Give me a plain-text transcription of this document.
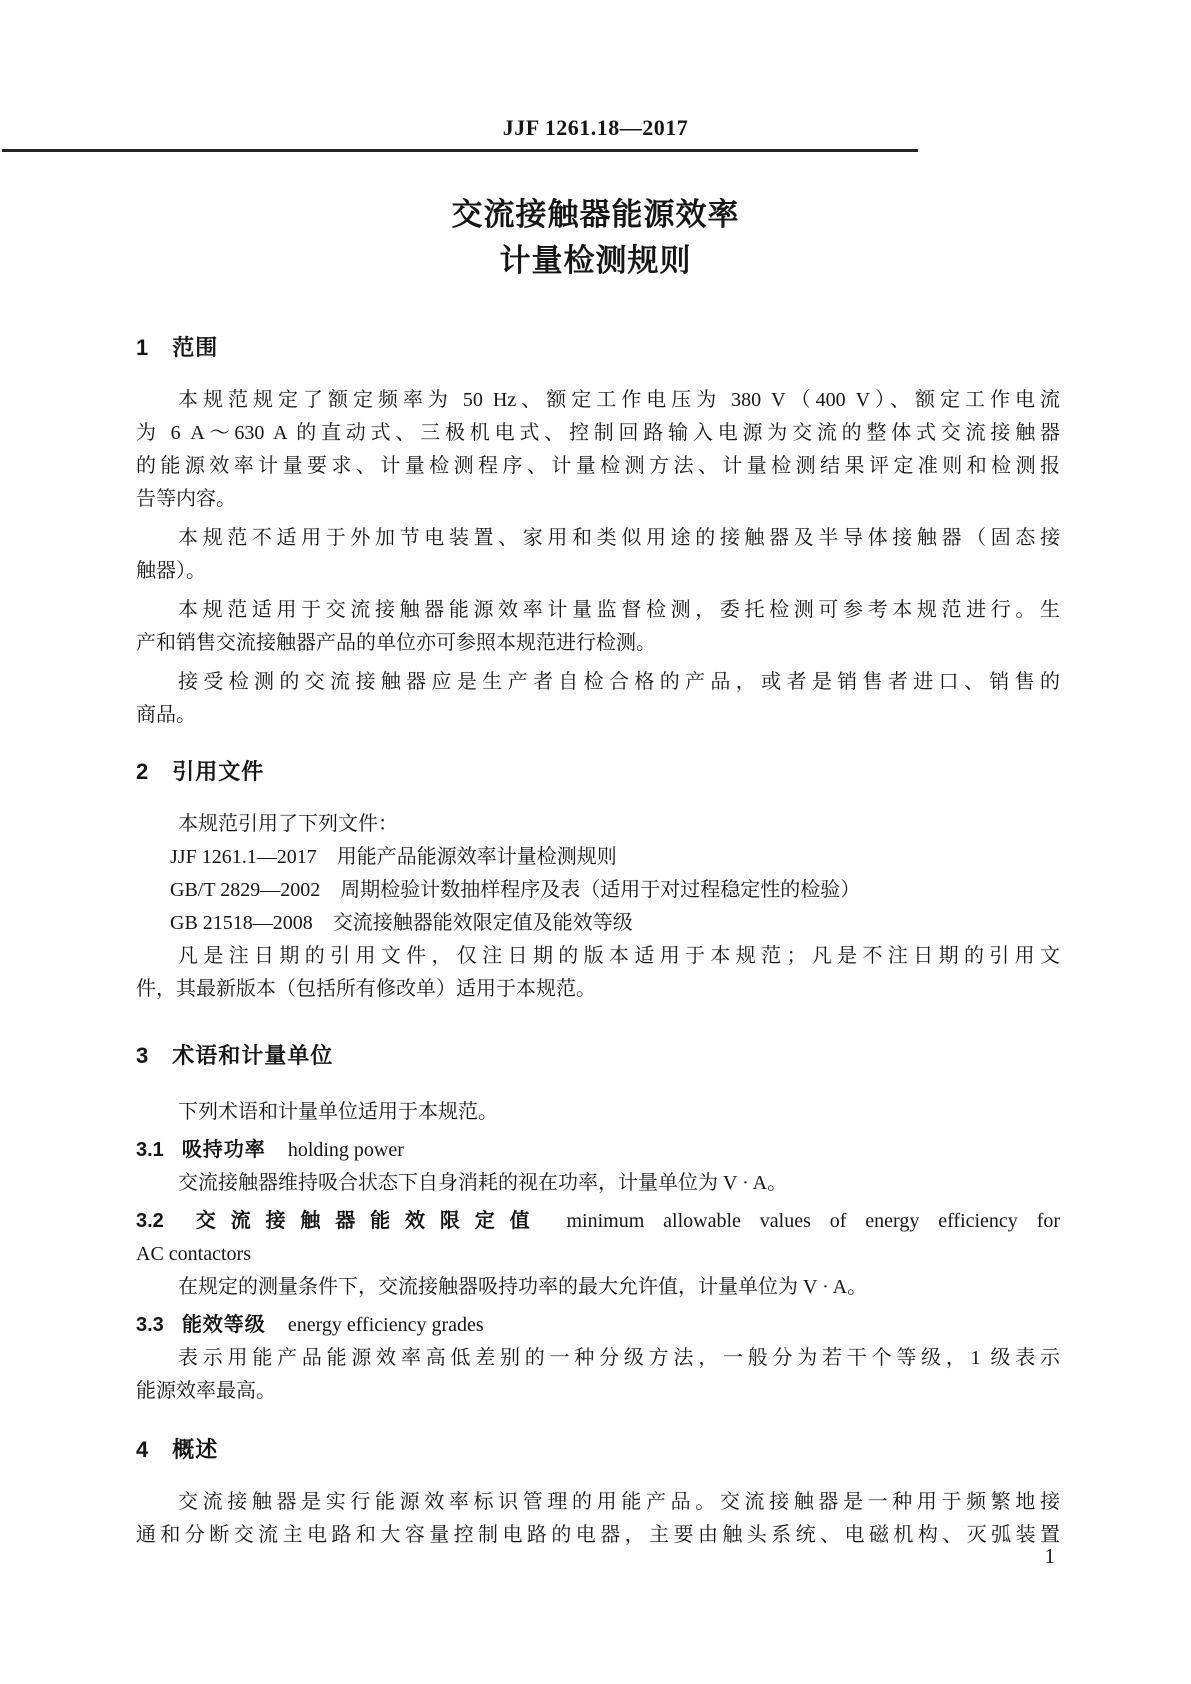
JJF 1261.18—2017
交流接触器能源效率
计量检测规则
1 范围
本规范规定了额定频率为 50 Hz、额定工作电压为 380 V（400 V）、额定工作电流
为 6 A～630 A 的直动式、三极机电式、控制回路输入电源为交流的整体式交流接触器
的能源效率计量要求、计量检测程序、计量检测方法、计量检测结果评定准则和检测报
告等内容。
本规范不适用于外加节电装置、家用和类似用途的接触器及半导体接触器（固态接
触器）。
本规范适用于交流接触器能源效率计量监督检测，委托检测可参考本规范进行。生
产和销售交流接触器产品的单位亦可参照本规范进行检测。
接受检测的交流接触器应是生产者自检合格的产品，或者是销售者进口、销售的
商品。
2 引用文件
本规范引用了下列文件：
JJF 1261.1—2017　用能产品能源效率计量检测规则
GB/T 2829—2002　周期检验计数抽样程序及表（适用于对过程稳定性的检验）
GB 21518—2008　交流接触器能效限定值及能效等级
凡是注日期的引用文件，仅注日期的版本适用于本规范；凡是不注日期的引用文
件，其最新版本（包括所有修改单）适用于本规范。
3 术语和计量单位
下列术语和计量单位适用于本规范。
3.1 吸持功率 holding power
交流接触器维持吸合状态下自身消耗的视在功率，计量单位为 V · A。
3.2 交流接触器能效限定值 minimum allowable values of energy efficiency for
AC contactors
在规定的测量条件下，交流接触器吸持功率的最大允许值，计量单位为 V · A。
3.3 能效等级 energy efficiency grades
表示用能产品能源效率高低差别的一种分级方法，一般分为若干个等级，1 级表示
能源效率最高。
4 概述
交流接触器是实行能源效率标识管理的用能产品。交流接触器是一种用于频繁地接
通和分断交流主电路和大容量控制电路的电器，主要由触头系统、电磁机构、灭弧装置
1
